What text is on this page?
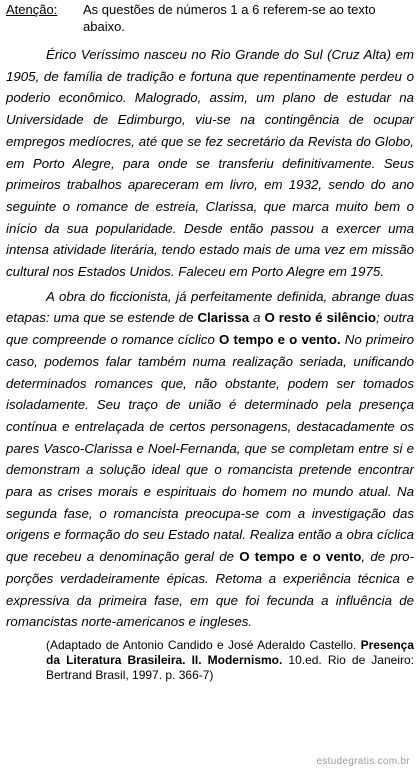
Atenção:	As questões de números 1 a 6 referem-se ao texto abaixo.

Érico Veríssimo nasceu no Rio Grande do Sul (Cruz Alta) em 1905, de família de tradição e fortuna que repentinamente perdeu o poderio econômico. Malogrado, assim, um plano de estudar na Universidade de Edimburgo, viu-se na contingência de ocupar empregos medíocres, até que se fez secretário da Revista do Globo, em Porto Alegre, para onde se transferiu definitivamente. Seus primeiros trabalhos apareceram em livro, em 1932, sendo do ano seguinte o romance de estreia, Clarissa, que marca muito bem o início da sua popularidade. Desde então passou a exercer uma intensa atividade literária, tendo estado mais de uma vez em missão cultural nos Estados Unidos. Faleceu em Porto Alegre em 1975.

A obra do ficcionista, já perfeitamente definida, abrange duas etapas: uma que se estende de Clarissa a O resto é silêncio; outra que compreende o romance cíclico O tempo e o vento. No primeiro caso, podemos falar também numa realização seriada, unificando determinados romances que, não obstante, podem ser tomados isoladamente. Seu traço de união é determinado pela presença contínua e entrelaçada de certos personagens, destacadamente os pares Vasco-Clarissa e Noel-Fernanda, que se completam entre si e demonstram a solução ideal que o romancista pretende encontrar para as crises morais e espirituais do homem no mundo atual. Na segunda fase, o romancista preocupa-se com a investigação das origens e formação do seu Estado natal. Realiza então a obra cíclica que recebeu a denominação geral de O tempo e o vento, de pro-porções verdadeiramente épicas. Retoma a experiência técnica e expressiva da primeira fase, em que foi fecunda a influência de romancistas norte-americanos e ingleses.

(Adaptado de Antonio Candido e José Aderaldo Castello. Presença da Literatura Brasileira. II. Modernismo. 10.ed. Rio de Janeiro: Bertrand Brasil, 1997. p. 366-7)
estudegratis.com.br
